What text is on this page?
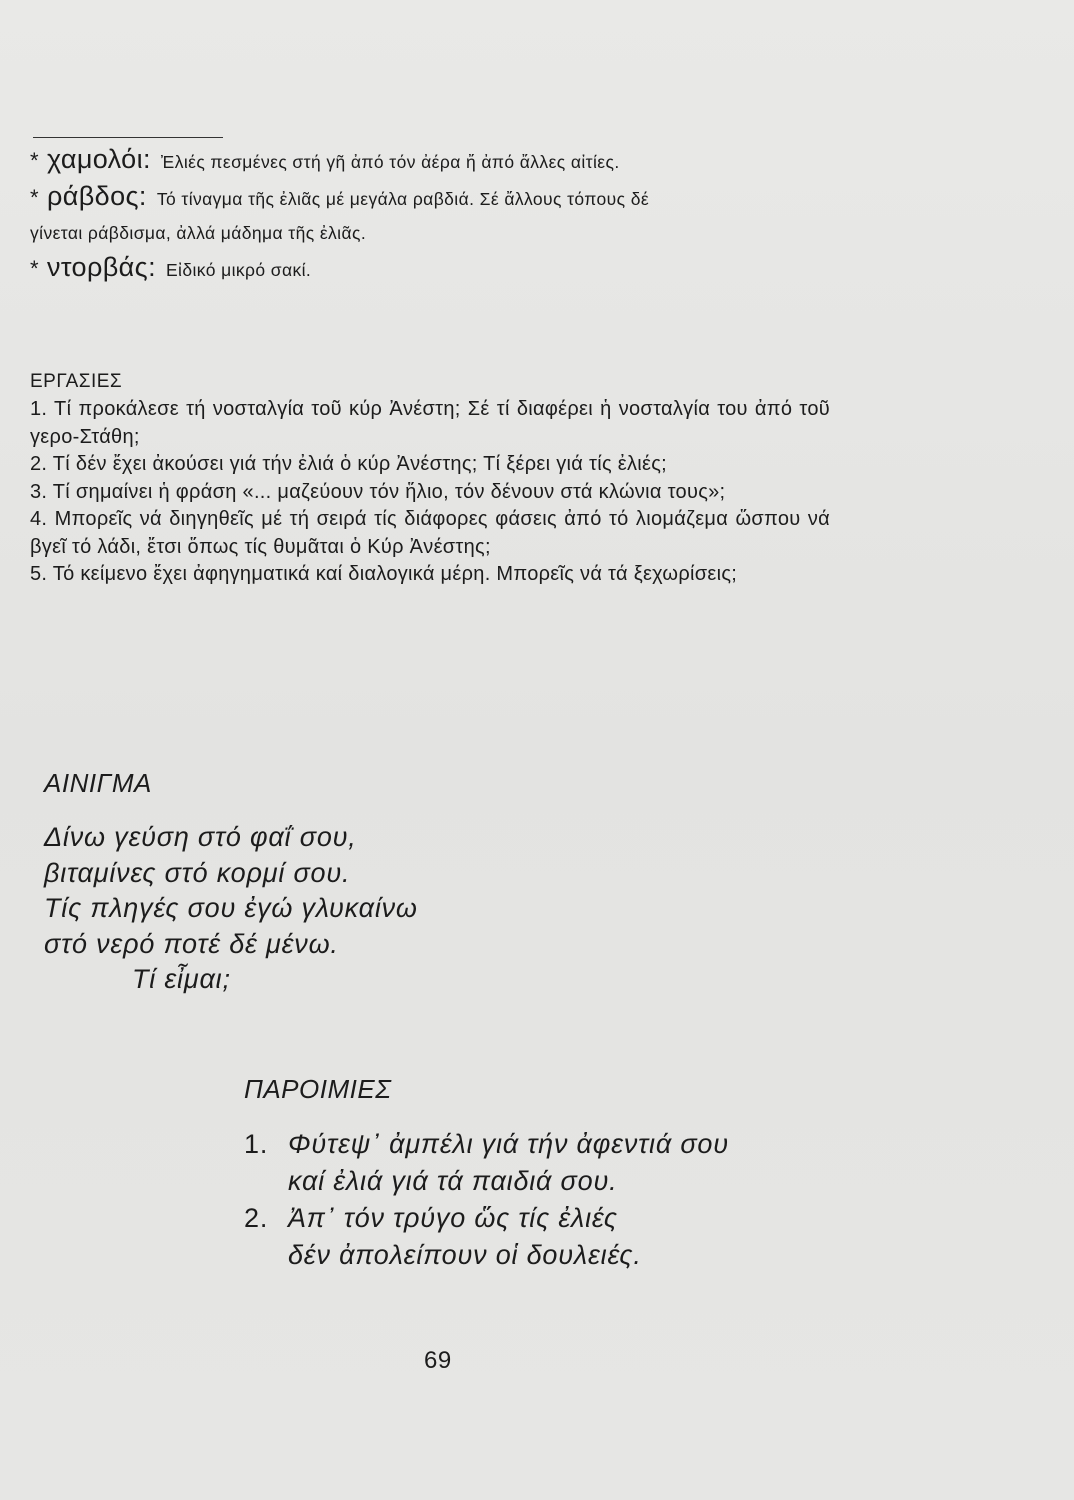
* χαμολόι: Ἐλιές πεσμένες στή γῆ ἀπό τόν ἀέρα ἤ ἀπό ἄλλες αἰτίες.
* ράβδος: Τό τίναγμα τῆς ἐλιᾶς μέ μεγάλα ραβδιά. Σέ ἄλλους τόπους δέ
γίνεται ράβδισμα, ἀλλά μάδημα τῆς ἐλιᾶς.
* ντορβάς: Εἰδικό μικρό σακί.
ΕΡΓΑΣΙΕΣ
1. Τί προκάλεσε τή νοσταλγία τοῦ κύρ Ἀνέστη; Σέ τί διαφέρει ἡ νοσταλγία του ἀπό τοῦ γερο-Στάθη;
2. Τί δέν ἔχει ἀκούσει γιά τήν ἐλιά ὁ κύρ Ἀνέστης; Τί ξέρει γιά τίς ἐλιές;
3. Τί σημαίνει ἡ φράση «... μαζεύουν τόν ἥλιο, τόν δένουν στά κλώνια τους»;
4. Μπορεῖς νά διηγηθεῖς μέ τή σειρά τίς διάφορες φάσεις ἀπό τό λιομάζεμα ὥσπου νά βγεῖ τό λάδι, ἔτσι ὅπως τίς θυμᾶται ὁ Κύρ Ἀνέστης;
5. Τό κείμενο ἔχει ἀφηγηματικά καί διαλογικά μέρη. Μπορεῖς νά τά ξεχωρίσεις;
ΑΙΝΙΓΜΑ
Δίνω γεύση στό φαΐ σου,
βιταμίνες στό κορμί σου.
Τίς πληγές σου ἐγώ γλυκαίνω
στό νερό ποτέ δέ μένω.
Τί εἶμαι;
ΠΑΡΟΙΜΙΕΣ
1. Φύτεψ᾽ ἀμπέλι γιά τήν ἀφεντιά σου
καί ἐλιά γιά τά παιδιά σου.
2. Ἀπ᾽ τόν τρύγο ὥς τίς ἐλιές
δέν ἀπολείπουν οἱ δουλειές.
69
